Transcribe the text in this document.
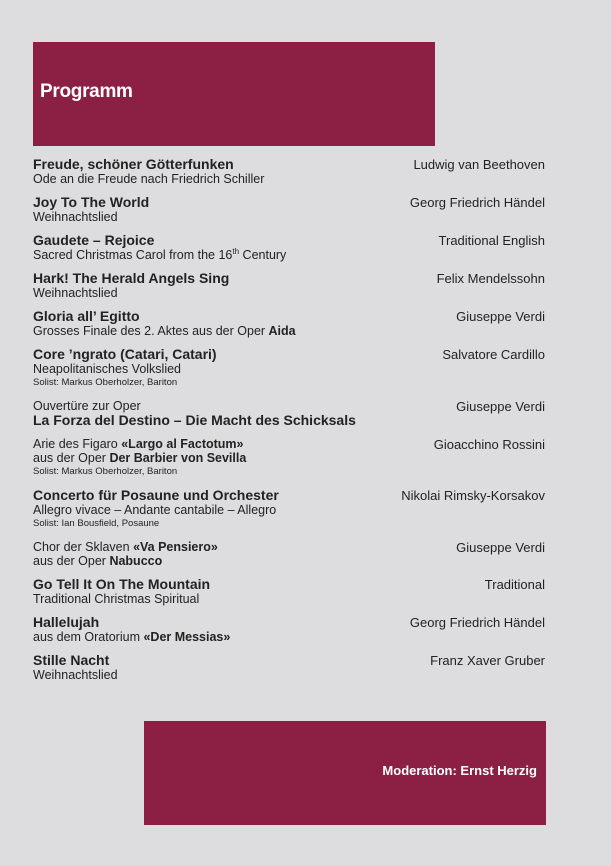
Programm
Freude, schöner Götterfunken
Ode an die Freude nach Friedrich Schiller
Ludwig van Beethoven
Joy To The World
Weihnachtslied
Georg Friedrich Händel
Gaudete – Rejoice
Sacred Christmas Carol from the 16th Century
Traditional English
Hark! The Herald Angels Sing
Weihnachtslied
Felix Mendelssohn
Gloria all’ Egitto
Grosses Finale des 2. Aktes aus der Oper Aida
Giuseppe Verdi
Core ’ngrato (Catari, Catari)
Neapolitanisches Volkslied
Solist: Markus Oberholzer, Bariton
Salvatore Cardillo
Ouvertüre zur Oper
La Forza del Destino – Die Macht des Schicksals
Giuseppe Verdi
Arie des Figaro «Largo al Factotum»
aus der Oper Der Barbier von Sevilla
Solist: Markus Oberholzer, Bariton
Gioacchino Rossini
Concerto für Posaune und Orchester
Allegro vivace – Andante cantabile – Allegro
Solist: Ian Bousfield, Posaune
Nikolai Rimsky-Korsakov
Chor der Sklaven «Va Pensiero»
aus der Oper Nabucco
Giuseppe Verdi
Go Tell It On The Mountain
Traditional Christmas Spiritual
Traditional
Hallelujah
aus dem Oratorium «Der Messias»
Georg Friedrich Händel
Stille Nacht
Weihnachtslied
Franz Xaver Gruber
Moderation: Ernst Herzig
